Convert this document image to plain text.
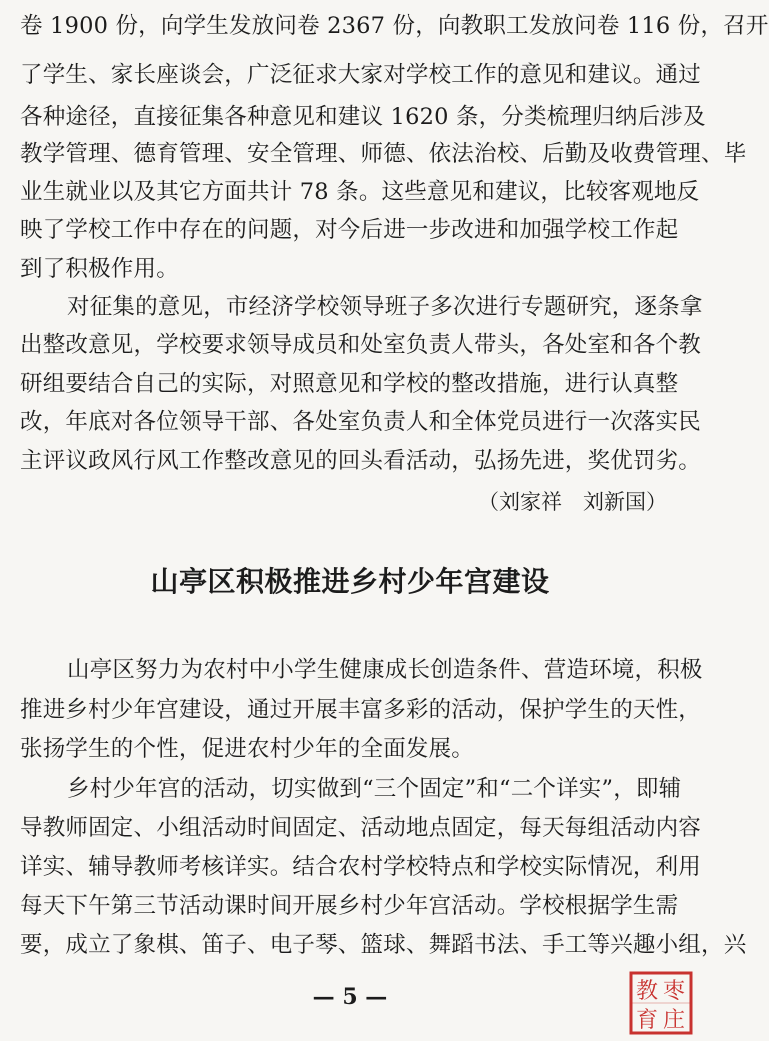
卷 1900 份，向学生发放问卷 2367 份，向教职工发放问卷 116 份，召开
了学生、家长座谈会，广泛征求大家对学校工作的意见和建议。通过
各种途径，直接征集各种意见和建议 1620 条，分类梳理归纳后涉及
教学管理、德育管理、安全管理、师德、依法治校、后勤及收费管理、毕
业生就业以及其它方面共计 78 条。这些意见和建议，比较客观地反
映了学校工作中存在的问题，对今后进一步改进和加强学校工作起
到了积极作用。
对征集的意见，市经济学校领导班子多次进行专题研究，逐条拿
出整改意见，学校要求领导成员和处室负责人带头，各处室和各个教
研组要结合自己的实际，对照意见和学校的整改措施，进行认真整
改，年底对各位领导干部、各处室负责人和全体党员进行一次落实民
主评议政风行风工作整改意见的回头看活动，弘扬先进，奖优罚劣。
（刘家祥　刘新国）
山亭区积极推进乡村少年宫建设
山亭区努力为农村中小学生健康成长创造条件、营造环境，积极
推进乡村少年宫建设，通过开展丰富多彩的活动，保护学生的天性，
张扬学生的个性，促进农村少年的全面发展。
乡村少年宫的活动，切实做到“三个固定”和“二个详实”，即辅
导教师固定、小组活动时间固定、活动地点固定，每天每组活动内容
详实、辅导教师考核详实。结合农村学校特点和学校实际情况，利用
每天下午第三节活动课时间开展乡村少年宫活动。学校根据学生需
要，成立了象棋、笛子、电子琴、篮球、舞蹈书法、手工等兴趣小组，兴
— 5 —	枣
庄
教
育
